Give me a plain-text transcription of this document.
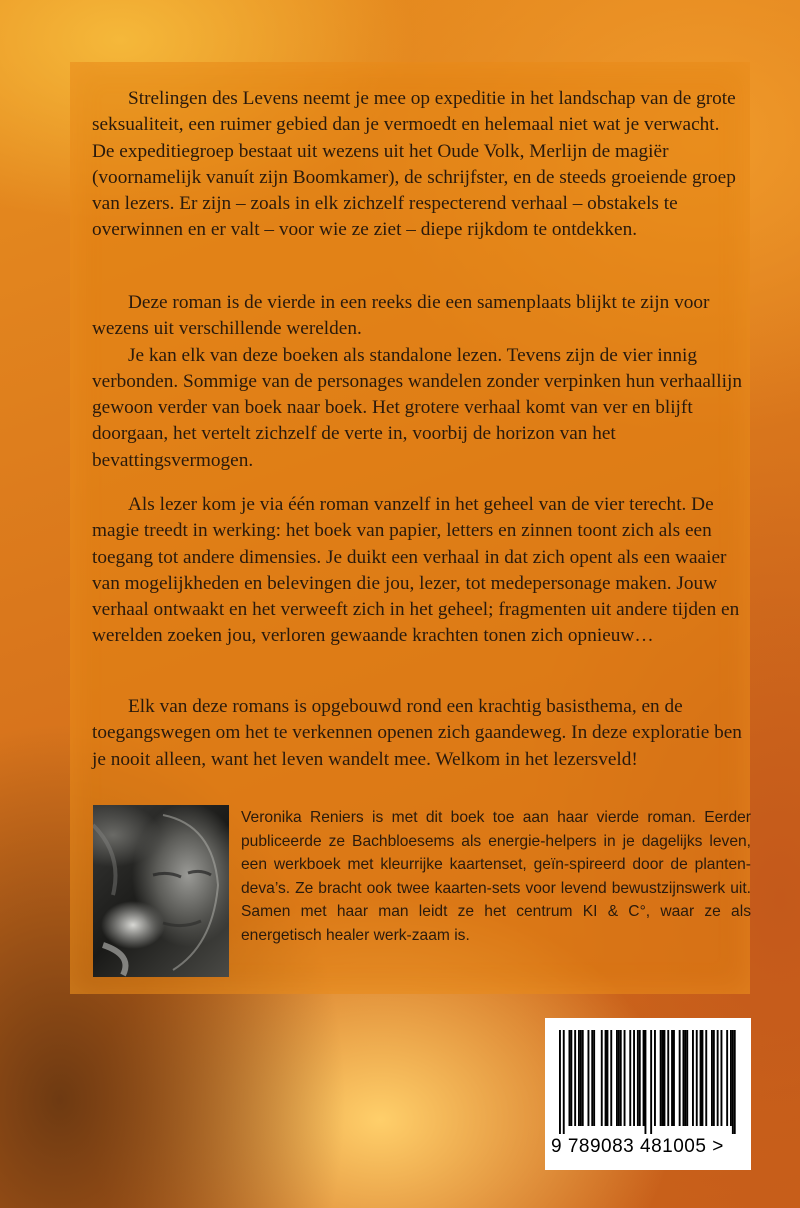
Strelingen des Levens neemt je mee op expeditie in het landschap van de grote seksualiteit, een ruimer gebied dan je vermoedt en helemaal niet wat je verwacht. De expeditiegroep bestaat uit wezens uit het Oude Volk, Merlijn de magiër (voornamelijk vanuít zijn Boomkamer), de schrijfster, en de steeds groeiende groep van lezers. Er zijn – zoals in elk zichzelf respecterend verhaal – obstakels te overwinnen en er valt – voor wie ze ziet – diepe rijkdom te ontdekken.

Deze roman is de vierde in een reeks die een samenplaats blijkt te zijn voor wezens uit verschillende werelden.

Je kan elk van deze boeken als standalone lezen. Tevens zijn de vier innig verbonden. Sommige van de personages wandelen zonder verpinken hun verhaallijn gewoon verder van boek naar boek. Het grotere verhaal komt van ver en blijft doorgaan, het vertelt zichzelf de verte in, voorbij de horizon van het bevattingsvermogen.

Als lezer kom je via één roman vanzelf in het geheel van de vier terecht. De magie treedt in werking: het boek van papier, letters en zinnen toont zich als een toegang tot andere dimensies. Je duikt een verhaal in dat zich opent als een waaier van mogelijkheden en belevingen die jou, lezer, tot medepersonage maken. Jouw verhaal ontwaakt en het verweeft zich in het geheel; fragmenten uit andere tijden en werelden zoeken jou, verloren gewaande krachten tonen zich opnieuw…

Elk van deze romans is opgebouwd rond een krachtig basisthema, en de toegangswegen om het te verkennen openen zich gaandeweg. In deze exploratie ben je nooit alleen, want het leven wandelt mee. Welkom in het lezersveld!

Veronika Reniers is met dit boek toe aan haar vierde roman. Eerder publiceerde ze Bachbloesems als energie-helpers in je dagelijks leven, een werkboek met kleurrijke kaartenset, geïn-spireerd door de planten-deva’s. Ze bracht ook twee kaarten-sets voor levend bewustzijnswerk uit. Samen met haar man leidt ze het centrum KI & C°, waar ze als energetisch healer werk-zaam is.
9 789083 481005 >
